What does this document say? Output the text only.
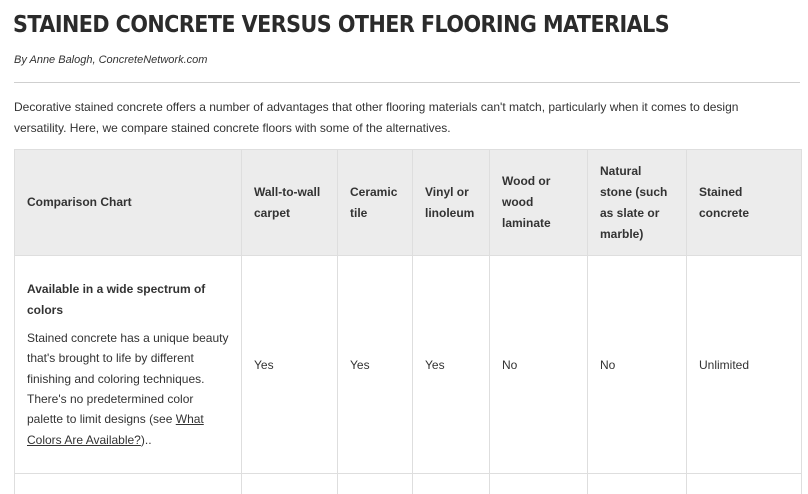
STAINED CONCRETE VERSUS OTHER FLOORING MATERIALS

By Anne Balogh, ConcreteNetwork.com

Decorative stained concrete offers a number of advantages that other flooring materials can't match, particularly when it comes to design versatility. Here, we compare stained concrete floors with some of the alternatives.

Comparison Chart	Wall-to-wall carpet	Ceramic tile	Vinyl or linoleum	Wood or wood laminate	Natural stone (such as slate or marble)	Stained concrete

Available in a wide spectrum of colors

Stained concrete has a unique beauty that's brought to life by different finishing and coloring techniques. There's no predetermined color palette to limit designs (see What Colors Are Available?)..	Yes	Yes	Yes	No	No	Unlimited
